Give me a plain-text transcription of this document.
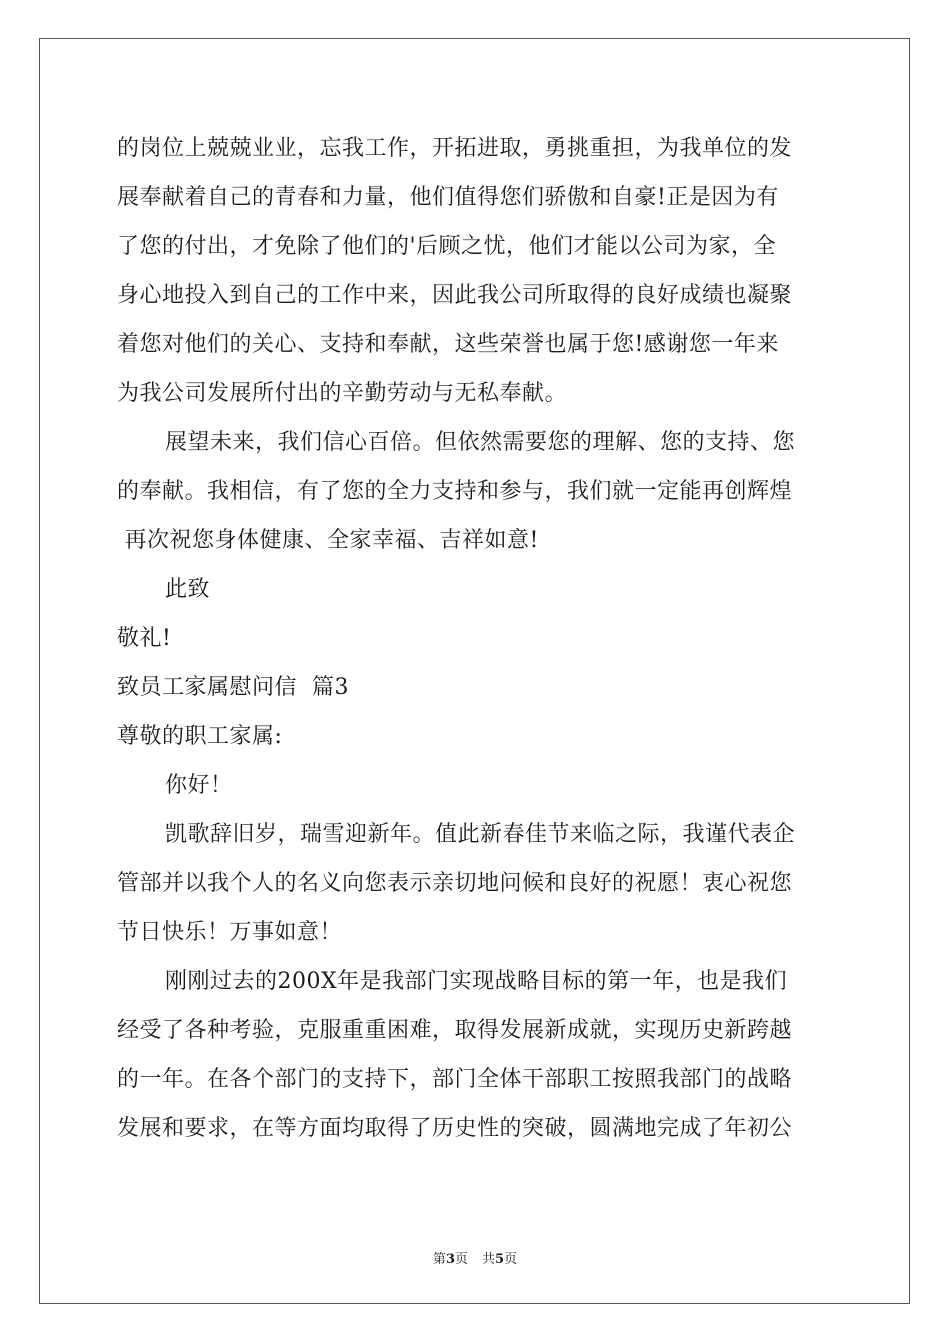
的岗位上兢兢业业，忘我工作，开拓进取，勇挑重担，为我单位的发
展奉献着自己的青春和力量，他们值得您们骄傲和自豪!正是因为有
了您的付出，才免除了他们的'后顾之忧，他们才能以公司为家，全
身心地投入到自己的工作中来，因此我公司所取得的良好成绩也凝聚
着您对他们的关心、支持和奉献，这些荣誉也属于您!感谢您一年来
为我公司发展所付出的辛勤劳动与无私奉献。
展望未来，我们信心百倍。但依然需要您的理解、您的支持、您
的奉献。我相信，有了您的全力支持和参与，我们就一定能再创辉煌
再次祝您身体健康、全家幸福、吉祥如意!
此致
敬礼!
致员工家属慰问信  篇3
尊敬的职工家属:
你好！
凯歌辞旧岁，瑞雪迎新年。值此新春佳节来临之际，我谨代表企
管部并以我个人的名义向您表示亲切地问候和良好的祝愿！衷心祝您
节日快乐！万事如意！
刚刚过去的200X年是我部门实现战略目标的第一年，也是我们
经受了各种考验，克服重重困难，取得发展新成就，实现历史新跨越
的一年。在各个部门的支持下，部门全体干部职工按照我部门的战略
发展和要求，在等方面均取得了历史性的突破，圆满地完成了年初公
第3页 共5页
